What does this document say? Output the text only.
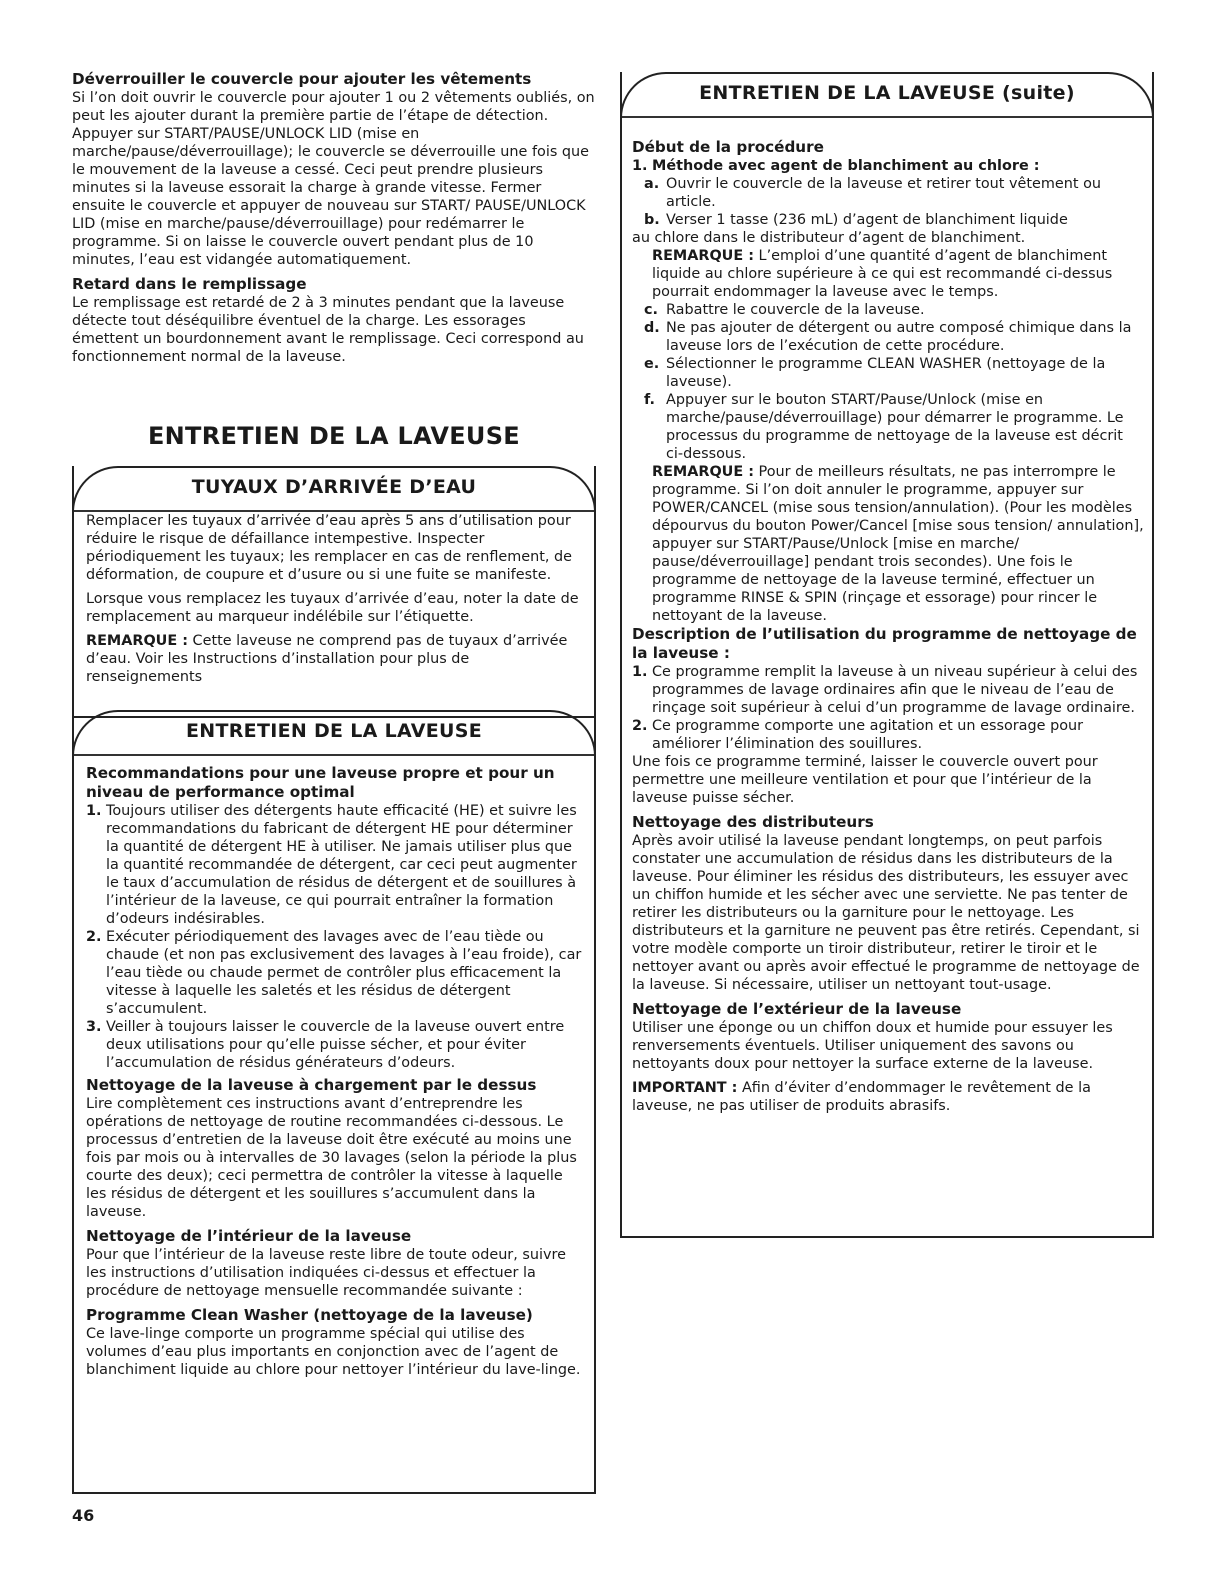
Déverrouiller le couvercle pour ajouter les vêtements

Si l’on doit ouvrir le couvercle pour ajouter 1 ou 2 vêtements oubliés, on peut les ajouter durant la première partie de l’étape de détection. Appuyer sur START/PAUSE/UNLOCK LID (mise en marche/pause/déverrouillage); le couvercle se déverrouille une fois que le mouvement de la laveuse a cessé. Ceci peut prendre plusieurs minutes si la laveuse essorait la charge à grande vitesse. Fermer ensuite le couvercle et appuyer de nouveau sur START/ PAUSE/UNLOCK LID (mise en marche/pause/déverrouillage) pour redémarrer le programme. Si on laisse le couvercle ouvert pendant plus de 10 minutes, l’eau est vidangée automatiquement.

Retard dans le remplissage

Le remplissage est retardé de 2 à 3 minutes pendant que la laveuse détecte tout déséquilibre éventuel de la charge. Les essorages émettent un bourdonnement avant le remplissage. Ceci correspond au fonctionnement normal de la laveuse.

ENTRETIEN DE LA LAVEUSE
TUYAUX D’ARRIVÉE D’EAU

Remplacer les tuyaux d’arrivée d’eau après 5 ans d’utilisation pour réduire le risque de défaillance intempestive. Inspecter périodiquement les tuyaux; les remplacer en cas de renflement, de déformation, de coupure et d’usure ou si une fuite se manifeste.

Lorsque vous remplacez les tuyaux d’arrivée d’eau, noter la date de remplacement au marqueur indélébile sur l’étiquette.

REMARQUE : Cette laveuse ne comprend pas de tuyaux d’arrivée d’eau. Voir les Instructions d’installation pour plus de renseignements

ENTRETIEN DE LA LAVEUSE
Recommandations pour une laveuse propre et pour un niveau de performance optimal
1. Toujours utiliser des détergents haute efficacité (HE) et suivre les recommandations du fabricant de détergent HE pour déterminer la quantité de détergent HE à utiliser. Ne jamais utiliser plus que la quantité recommandée de détergent, car ceci peut augmenter le taux d’accumulation de résidus de détergent et de souillures à l’intérieur de la laveuse, ce qui pourrait entraîner la formation d’odeurs indésirables.

2. Exécuter périodiquement des lavages avec de l’eau tiède ou chaude (et non pas exclusivement des lavages à l’eau froide), car l’eau tiède ou chaude permet de contrôler plus efficacement la vitesse à laquelle les saletés et les résidus de détergent s’accumulent.

3. Veiller à toujours laisser le couvercle de la laveuse ouvert entre deux utilisations pour qu’elle puisse sécher, et pour éviter l’accumulation de résidus générateurs d’odeurs.

Nettoyage de la laveuse à chargement par le dessus

Lire complètement ces instructions avant d’entreprendre les opérations de nettoyage de routine recommandées ci-dessous. Le processus d’entretien de la laveuse doit être exécuté au moins une fois par mois ou à intervalles de 30 lavages (selon la période la plus courte des deux); ceci permettra de contrôler la vitesse à laquelle les résidus de détergent et les souillures s’accumulent dans la laveuse.

Nettoyage de l’intérieur de la laveuse

Pour que l’intérieur de la laveuse reste libre de toute odeur, suivre les instructions d’utilisation indiquées ci-dessus et effectuer la procédure de nettoyage mensuelle recommandée suivante :

Programme Clean Washer (nettoyage de la laveuse)

Ce lave-linge comporte un programme spécial qui utilise des volumes d’eau plus importants en conjonction avec de l’agent de blanchiment liquide au chlore pour nettoyer l’intérieur du lave-linge.

ENTRETIEN DE LA LAVEUSE (suite)
Début de la procédure
1. Méthode avec agent de blanchiment au chlore :

a. Ouvrir le couvercle de la laveuse et retirer tout vêtement ou article.

b. Verser 1 tasse (236 mL) d’agent de blanchiment liquide

au chlore dans le distributeur d’agent de blanchiment.

REMARQUE : L’emploi d’une quantité d’agent de blanchiment liquide au chlore supérieure à ce qui est recommandé ci-dessus pourrait endommager la laveuse avec le temps.

c. Rabattre le couvercle de la laveuse.

d. Ne pas ajouter de détergent ou autre composé chimique dans la laveuse lors de l’exécution de cette procédure.

e. Sélectionner le programme CLEAN WASHER (nettoyage de la laveuse).

f. Appuyer sur le bouton START/Pause/Unlock (mise en marche/pause/déverrouillage) pour démarrer le programme. Le processus du programme de nettoyage de la laveuse est décrit ci-dessous.

REMARQUE : Pour de meilleurs résultats, ne pas interrompre le programme. Si l’on doit annuler le programme, appuyer sur POWER/CANCEL (mise sous tension/annulation). (Pour les modèles dépourvus du bouton Power/Cancel [mise sous tension/ annulation], appuyer sur START/Pause/Unlock [mise en marche/ pause/déverrouillage] pendant trois secondes). Une fois le programme de nettoyage de la laveuse terminé, effectuer un programme RINSE & SPIN (rinçage et essorage) pour rincer le nettoyant de la laveuse.

Description de l’utilisation du programme de nettoyage de la laveuse :
1. Ce programme remplit la laveuse à un niveau supérieur à celui des programmes de lavage ordinaires afin que le niveau de l’eau de rinçage soit supérieur à celui d’un programme de lavage ordinaire.

2. Ce programme comporte une agitation et un essorage pour améliorer l’élimination des souillures.

Une fois ce programme terminé, laisser le couvercle ouvert pour permettre une meilleure ventilation et pour que l’intérieur de la laveuse puisse sécher.

Nettoyage des distributeurs

Après avoir utilisé la laveuse pendant longtemps, on peut parfois constater une accumulation de résidus dans les distributeurs de la laveuse. Pour éliminer les résidus des distributeurs, les essuyer avec un chiffon humide et les sécher avec une serviette. Ne pas tenter de retirer les distributeurs ou la garniture pour le nettoyage. Les distributeurs et la garniture ne peuvent pas être retirés. Cependant, si votre modèle comporte un tiroir distributeur, retirer le tiroir et le nettoyer avant ou après avoir effectué le programme de nettoyage de la laveuse. Si nécessaire, utiliser un nettoyant tout-usage.

Nettoyage de l’extérieur de la laveuse

Utiliser une éponge ou un chiffon doux et humide pour essuyer les renversements éventuels. Utiliser uniquement des savons ou nettoyants doux pour nettoyer la surface externe de la laveuse.

IMPORTANT : Afin d’éviter d’endommager le revêtement de la laveuse, ne pas utiliser de produits abrasifs.

46
